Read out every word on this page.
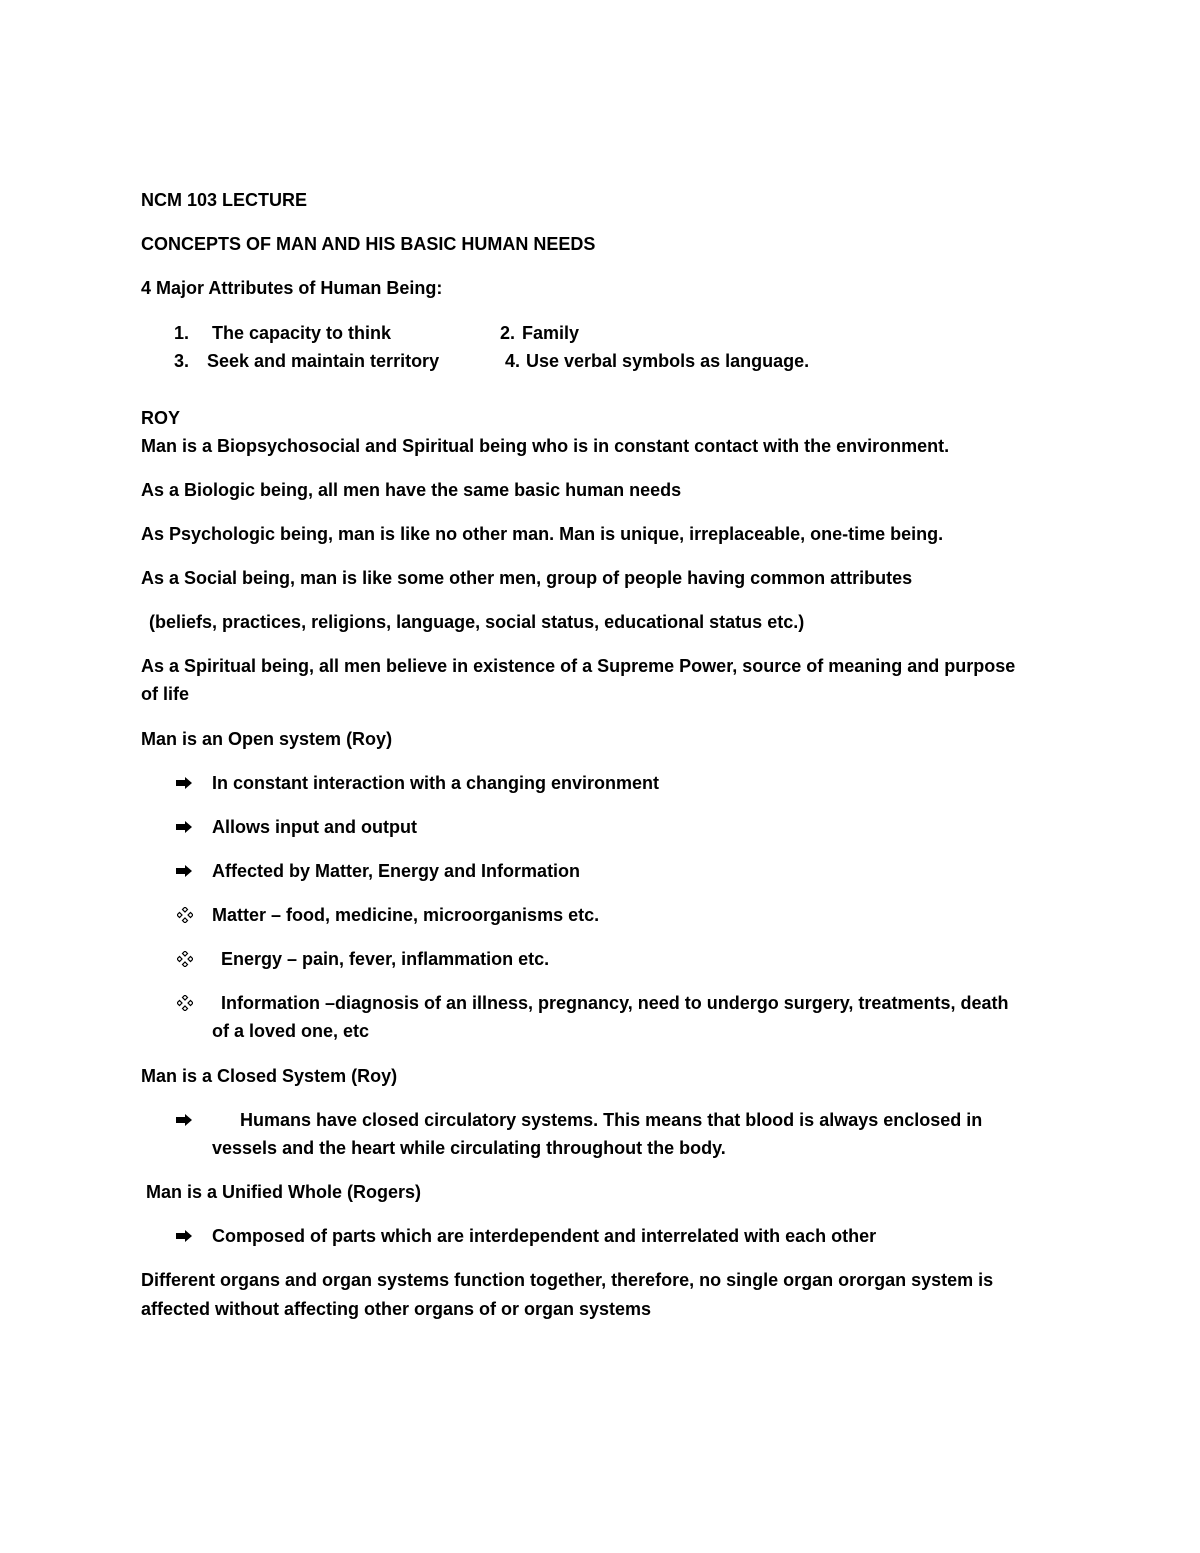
NCM 103 LECTURE
CONCEPTS OF MAN AND HIS BASIC HUMAN NEEDS
4 Major Attributes of Human Being:
1. The capacity to think	2. Family
3. Seek and maintain territory	4. Use verbal symbols as language.
ROY
Man is a Biopsychosocial and Spiritual being who is in constant contact with the environment.
As a Biologic being, all men have the same basic human needs
As Psychologic being, man is like no other man. Man is unique, irreplaceable, one-time being.
As a Social being, man is like some other men, group of people having common attributes
(beliefs, practices, religions, language, social status, educational status etc.)
As a Spiritual being, all men believe in existence of a Supreme Power, source of meaning and purpose
of life
Man is an Open system (Roy)
In constant interaction with a changing environment
Allows input and output
Affected by Matter, Energy and Information
Matter – food, medicine, microorganisms etc.
Energy – pain, fever, inflammation etc.
Information –diagnosis of an illness, pregnancy, need to undergo surgery, treatments, death
of a loved one, etc
Man is a Closed System (Roy)
Humans have closed circulatory systems. This means that blood is always enclosed in
vessels and the heart while circulating throughout the body.
Man is a Unified Whole (Rogers)
Composed of parts which are interdependent and interrelated with each other
Different organs and organ systems function together, therefore, no single organ ororgan system is
affected without affecting other organs of or organ systems
